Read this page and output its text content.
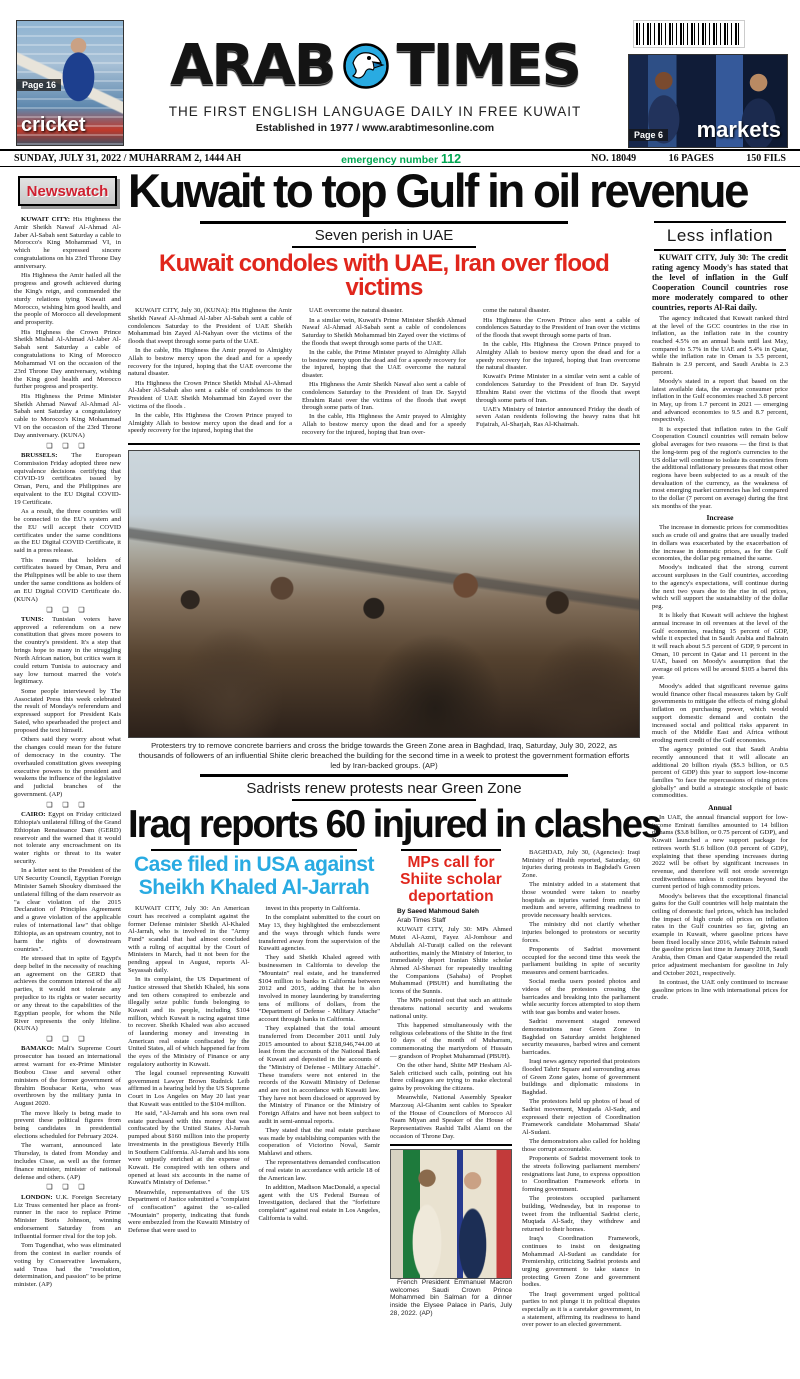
Page 16
cricket	Page 6 markets
ARAB TIMES
THE FIRST ENGLISH LANGUAGE DAILY IN FREE KUWAIT
Established in 1977 / www.arabtimesonline.com
SUNDAY, JULY 31, 2022 / MUHARRAM 2, 1444 AH	emergency number 112	NO. 18049	16 PAGES	150 FILS
Newswatch

KUWAIT CITY: His Highness the Amir Sheikh Nawaf Al-Ahmad Al-Jaber Al-Sabah sent Saturday a cable to Morocco's King Mohammad VI, in which he expressed sincere congratulations on his 23rd Throne Day anniversary.

His Highness the Amir hailed all the progress and growth achieved during the King's reign, and commended the sturdy relations tying Kuwait and Morocco, wishing him good health, and the people of Morocco all development and prosperity.

His Highness the Crown Prince Sheikh Mishal Al-Ahmad Al-Jaber Al-Sabah sent Saturday a cable of congratulations to King of Morocco Mohammad VI on the occasion of the 23rd Throne Day anniversary, wishing the King good health and Morocco further progress and prosperity.

His Highness the Prime Minister Sheikh Ahmad Nawaf Al-Ahmad Al-Sabah sent Saturday a congratulatory cable to Morocco's King Mohammad VI on the occasion of the 23rd Throne Day anniversary. (KUNA)

❑ ❑ ❑

BRUSSELS: The European Commission Friday adopted three new equivalence decisions certifying that COVID-19 certificates issued by Oman, Peru, and the Philippines are equivalent to the EU Digital COVID-19 Certificate.

As a result, the three countries will be connected to the EU's system and the EU will accept their COVID certificates under the same conditions as the EU Digital COVID Certificate, it said in a press release.

This means that holders of certificates issued by Oman, Peru and the Philippines will be able to use them under the same conditions as holders of an EU Digital COVID Certificate do. (KUNA)

❑ ❑ ❑

TUNIS: Tunisian voters have approved a referendum on a new constitution that gives more powers to the country's president. It's a step that brings hope to many in the struggling North African nation, but critics warn it could return Tunisia to autocracy and say low turnout marred the vote's legitimacy.

Some people interviewed by The Associated Press this week celebrated the result of Monday's referendum and expressed support for President Kais Saied, who spearheaded the project and proposed the text himself.

Others said they worry about what the changes could mean for the future of democracy in the country. The overhauled constitution gives sweeping executive powers to the president and weakens the influence of the legislative and judicial branches of the government. (AP)

❑ ❑ ❑

CAIRO: Egypt on Friday criticized Ethiopia's unilateral filling of the Grand Ethiopian Renaissance Dam (GERD) reservoir and the warned that it would not tolerate any encroachment on its water rights or threat to its water security.

In a letter sent to the President of the UN Security Council, Egyptian Foreign Minister Sameh Shoukry dismissed the unilateral filling of the dam reservoir as "a clear violation of the 2015 Declaration of Principles Agreement and a grave violation of the applicable rules of international law" that oblige Ethiopia, as an upstream country, not to harm the rights of downstream countries".

He stressed that in spite of Egypt's deep belief in the necessity of reaching an agreement on the GERD that achieves the common interest of the all parties, it would not tolerate any prejudice to its rights or water security or any threat to the capabilities of the Egyptian people, for whom the Nile River represents the only lifeline. (KUNA)

❑ ❑ ❑

BAMAKO: Mali's Supreme Court prosecutor has issued an international arrest warrant for ex-Prime Minister Boubou Cisse and several other ministers of the former government of Ibrahim Boubacar Keita, who was overthrown by the military junta in August 2020.

The move likely is being made to prevent these political figures from being candidates in presidential elections scheduled for February 2024.

The warrant, announced late Thursday, is dated from Monday and includes Cisse, as well as the former finance minister, minister of national defense and others. (AP)

❑ ❑ ❑

LONDON: U.K. Foreign Secretary Liz Truss cemented her place as front-runner in the race to replace Prime Minister Boris Johnson, winning endorsement Saturday from an influential former rival for the top job.

Tom Tugendhat, who was eliminated from the contest in earlier rounds of voting by Conservative lawmakers, said Truss had the "resolution, determination, and passion" to be prime minister. (AP)

Kuwait to top Gulf in oil revenue
Seven perish in UAE
Kuwait condoles with UAE, Iran over flood victims

KUWAIT CITY, July 30, (KUNA): His Highness the Amir Sheikh Nawaf Al-Ahmad Al-Jaber Al-Sabah sent a cable of condolences Saturday to the President of UAE Sheikh Mohammad bin Zayed Al-Nahyan over the victims of the floods that swept through some parts of the UAE.

In the cable, His Highness the Amir prayed to Almighty Allah to bestow mercy upon the dead and for a speedy recovery for the injured, hoping that the UAE overcome the natural disaster.

His Highness the Crown Prince Sheikh Mishal Al-Ahmad Al-Jaber Al-Sabah also sent a cable of condolences to the President of UAE Sheikh Mohammad bin Zayed over the victims of the floods .

In the cable, His Highness the Crown Prince prayed to Almighty Allah to bestow mercy upon the dead and for a speedy recovery for the injured, hoping that the

UAE overcome the natural disaster.

In a similar vein, Kuwait's Prime Minister Sheikh Ahmad Nawaf Al-Ahmad Al-Sabah sent a cable of condolences Saturday to Sheikh Mohammad bin Zayed over the victims of the floods that swept through some parts of the UAE.

In the cable, the Prime Minister prayed to Almighty Allah to bestow mercy upon the dead and for a speedy recovery for the injured, hoping that the UAE overcome the natural disaster.

His Highness the Amir Sheikh Nawaf also sent a cable of condolences Saturday to the President of Iran Dr. Sayyid Ebrahim Raisi over the victims of the floods that swept through some parts of Iran.

In the cable, His Highness the Amir prayed to Almighty Allah to bestow mercy upon the dead and for a speedy recovery for the injured, hoping that Iran over-

come the natural disaster.

His Highness the Crown Prince also sent a cable of condolences Saturday to the President of Iran over the victims of the floods that swept through some parts of Iran.

In the cable, His Highness the Crown Prince prayed to Almighty Allah to bestow mercy upon the dead and for a speedy recovery for the injured, hoping that Iran overcome the natural disaster.

Kuwait's Prime Minister in a similar vein sent a cable of condolences Saturday to the President of Iran Dr. Sayyid Ebrahim Raisi over the victims of the floods that swept through some parts of Iran.

UAE's Ministry of Interior announced Friday the death of seven Asian residents following the heavy rains that hit Fujairah, Al-Sharjah, Ras Al-Khaimah.

Protesters try to remove concrete barriers and cross the bridge towards the Green Zone area in Baghdad, Iraq, Saturday, July 30, 2022, as thousands of followers of an influential Shiite cleric breached the building for the second time in a week to protest the government formation efforts led by Iran-backed groups. (AP)

Sadrists renew protests near Green Zone
Iraq reports 60 injured in clashes
Case filed in USA against Sheikh Khaled Al-Jarrah

KUWAIT CITY, July 30: An American court has received a complaint against the former Defense minister Sheikh Al-Khaled Al-Jarrah, who is involved in the "Army Fund" scandal that had almost concluded with a ruling of acquittal by the Court of Ministers in March, had it not been for the pending appeal in August, reports Al-Seyassah daily.

In its complaint, the US Department of Justice stressed that Sheikh Khaled, his sons and ten others conspired to embezzle and illegally seize public funds belonging to Kuwait and its people, including $104 million, which Kuwait is racing against time to recover. Sheikh Khaled was also accused of laundering money and investing in American real estate confiscated by the United States, all of which happened far from the eyes of the Ministry of Finance or any regulatory authority in Kuwait.

The legal counsel representing Kuwaiti government Lawyer Brown Rudnick Leib affirmed in a hearing held by the US Supreme Court in Los Angeles on May 20 last year that Kuwait was entitled to the $104 million.

He said, "Al-Jarrah and his sons own real estate purchased with this money that was confiscated by the United States. Al-Jarrah pumped about $160 million into the property investments in the prestigious Beverly Hills in Southern California. Al-Jarrah and his sons were unjustly enriched at the expense of Kuwait. He conspired with ten others and opened at least six accounts in the name of Kuwait's Ministry of Defense."

Meanwhile, representatives of the US Department of Justice submitted a "complaint of confiscation" against the so-called "Mountain" property, indicating that funds were embezzled from the Kuwaiti Ministry of Defense that were used to

invest in this property in California.

In the complaint submitted to the court on May 13, they highlighted the embezzlement and the ways through which funds were transferred away from the supervision of the Kuwaiti agencies.

They said Sheikh Khaled agreed with businessmen in California to develop the "Mountain" real estate, and he transferred $104 million to banks in California between 2012 and 2015, adding that he is also involved in money laundering by transferring tens of millions of dollars, from the "Department of Defense - Military Attache" account through banks in California.

They explained that the total amount transferred from December 2011 until July 2015 amounted to about $218,946,744.00 at least from the accounts of the National Bank of Kuwait and deposited in the accounts of the "Ministry of Defense - Military Attaché". These transfers were not entered in the records of the Kuwaiti Ministry of Defense and are not in accordance with Kuwaiti law. They have not been disclosed or approved by the Ministry of Finance or the Ministry of Foreign Affairs and have not been subject to audit in semi-annual reports.

They stated that the real estate purchase was made by establishing companies with the cooperation of Victorino Noval, Samir Mahlawi and others.

The representatives demanded confiscation of real estate in accordance with article 18 of the American law.

In addition, Madison MacDonald, a special agent with the US Federal Bureau of Investigation, declared that the "forfeiture complaint" against real estate in Los Angeles, California is valid.

MPs call for Shiite scholar deportation

By Saeed Mahmoud Saleh

Arab Times Staff

KUWAIT CITY, July 30: MPs Ahmed Mutei Al-Azmi, Fayez Al-Jomhour and Abdullah Al-Turaiji called on the relevant authorities, mainly the Ministry of Interior, to immediately deport Iranian Shiite scholar Ahmed Al-Sherazi for repeatedly insulting the Companions (Sahaba) of Prophet Muhammad (PBUH) and humiliating the icons of the Sunnis.

The MPs pointed out that such an attitude threatens national security and weakens national unity.

This happened simultaneously with the religious celebrations of the Shiite in the first 10 days of the month of Muharram, commemorating the martyrdom of Hussain — grandson of Prophet Muhammad (PBUH).

On the other hand, Shiite MP Hesham Al-Saleh criticised such calls, pointing out his three colleagues are trying to make electoral gains by provoking the citizens.

Meanwhile, National Assembly Speaker Marzouq Al-Ghanim sent cables to Speaker of the House of Councilors of Morocco Al Naam Miyan and Speaker of the House of Representatives Rashid Talbi Alami on the occasion of Throne Day.

French President Emmanuel Macron welcomes Saudi Crown Prince Mohammed bin Salman for a dinner inside the Elysee Palace in Paris, July 28, 2022. (AP)

BAGHDAD, July 30, (Agencies): Iraqi Ministry of Health reported, Saturday, 60 injuries during protests in Baghdad's Green Zone.

The ministry added in a statement that those wounded were taken to nearby hospitals as injuries varied from mild to medium and severe, affirming readiness to provide necessary health services.

The ministry did not clarify whether injuries belonged to protestors or security forces.

Proponents of Sadrist movement occupied for the second time this week the parliament building in spite of security measures and cement barricades.

Social media users posted photos and videos of the protestors crossing the barricades and breaking into the parliament while security forces attempted to stop them with tear gas bombs and water hoses.

Sadrist movement staged renewed demonstrations near Green Zone in Baghdad on Saturday amidst heightened security measures, barbed wires and cement barricades.

Iraqi news agency reported that protestors flooded Tahrir Square and surrounding areas of Green Zone gates, home of government buildings and diplomatic missions in Baghdad.

The protestors held up photos of head of Sadrist movement, Muqtada Al-Sadr, and expressed their rejection of Coordination Framework candidate Mohammad Shaia' Al-Sudani.

The demonstrators also called for holding those corrupt accountable.

Proponents of Sadrist movement took to the streets following parliament members' resignations last June, to express opposition to Coordination Framework efforts in forming government.

The protestors occupied parliament building, Wednesday, but in response to tweet from the influential Sadrist cleric, Muqtada Al-Sadr, they withdrew and returned to their homes.

Iraq's Coordination Framework, continues to insist on designating Mohammad Al-Sudani as candidate for Premiership, criticizing Sadrist protests and urging government to take stance in protecting Green Zone and government bodies.

The Iraqi government urged political parties to not plunge it in political disputes especially as it is a caretaker government, in a statement, affirming its readiness to hand over power to an elected government.

Less inflation

KUWAIT CITY, July 30: The credit rating agency Moody's has stated that the level of inflation in the Gulf Cooperation Council countries rose more moderately compared to other countries, reports Al-Rai daily.

The agency indicated that Kuwait ranked third at the level of the GCC countries in the rise in inflation, as the inflation rate in the country reached 4.5% on an annual basis until last May, compared to 5.7% in the UAE and 5.4% in Qatar, while the inflation rate in Oman is 3.5 percent, Bahrain is 2.9 percent, and Saudi Arabia is 2.3 percent.

Moody's stated in a report that based on the latest available data, the average consumer price inflation in the Gulf economies reached 3.8 percent in May, up from 1.7 percent in 2021 — emerging and advanced economies to 9.5 and 8.7 percent, respectively.

It is expected that inflation rates in the Gulf Cooperation Council countries will remain below global averages for two reasons — the first is that the long-term peg of the region's currencies to the US dollar will continue to isolate its countries from the additional inflationary pressures that most other regions have been subjected to as a result of the devaluation of the currency, as the weakness of most emerging market currencies has led compared to the dollar (7 percent on average) during the first six months of the year.

Increase

The increase in domestic prices for commodities such as crude oil and grains that are usually traded in dollars was exacerbated by the exacerbation of the increase in domestic prices, as for the Gulf economies, the dollar peg remained the same.

Moody's indicated that the strong current account surpluses in the Gulf countries, according to the agency's expectations, will continue during the next two years due to the rise in oil prices, which will support the sustainability of the dollar peg.

It is likely that Kuwait will achieve the highest annual increase in oil revenues at the level of the Gulf economies, reaching 15 percent of GDP, while it expected that in Saudi Arabia and Bahrain it will reach about 5.5 percent of GDP, 9 percent in Oman, 10 percent in Qatar and 11 percent in the UAE, based on Moody's assumption that the average oil prices will be around $105 a barrel this year.

Moody's added that significant revenue gains would finance other fiscal measures taken by Gulf governments to mitigate the effects of rising global inflation on purchasing power, which would support domestic demand and contain the increased social and political risks apparent in much of the Middle East and Africa without eroding merit credit of the Gulf economies.

The agency pointed out that Saudi Arabia recently announced that it will allocate an additional 20 billion riyals ($5.3 billion, or 0.5 percent of GDP) this year to support low-income families "to face the repercussions of rising prices globally" and build a strategic stockpile of basic commodities.

Annual

In UAE, the annual financial support for low-income Emirati families amounted to 14 billion dirhams ($3.8 billion, or 0.75 percent of GDP), and Kuwait launched a new support package for retirees worth $1.6 billion (0.8 percent of GDP), explaining that these spending increases during 2022 will be offset by significant increases in revenue, and therefore will not erode sovereign creditworthiness unless it continues beyond the current period of high commodity prices.

Moody's believes that the exceptional financial gains for the Gulf countries will help maintain the ceiling of domestic fuel prices, which has included the impact of high crude oil prices on inflation rates in the Gulf countries so far, giving an example in Kuwait, where gasoline prices have been fixed locally since 2016, while Bahrain raised the gasoline prices last time in January 2018, Saudi Arabia, then Oman and Qatar suspended the retail price adjustment mechanism for gasoline in July and October 2021, respectively.

In contrast, the UAE only continued to increase gasoline prices in line with international prices for crude.
